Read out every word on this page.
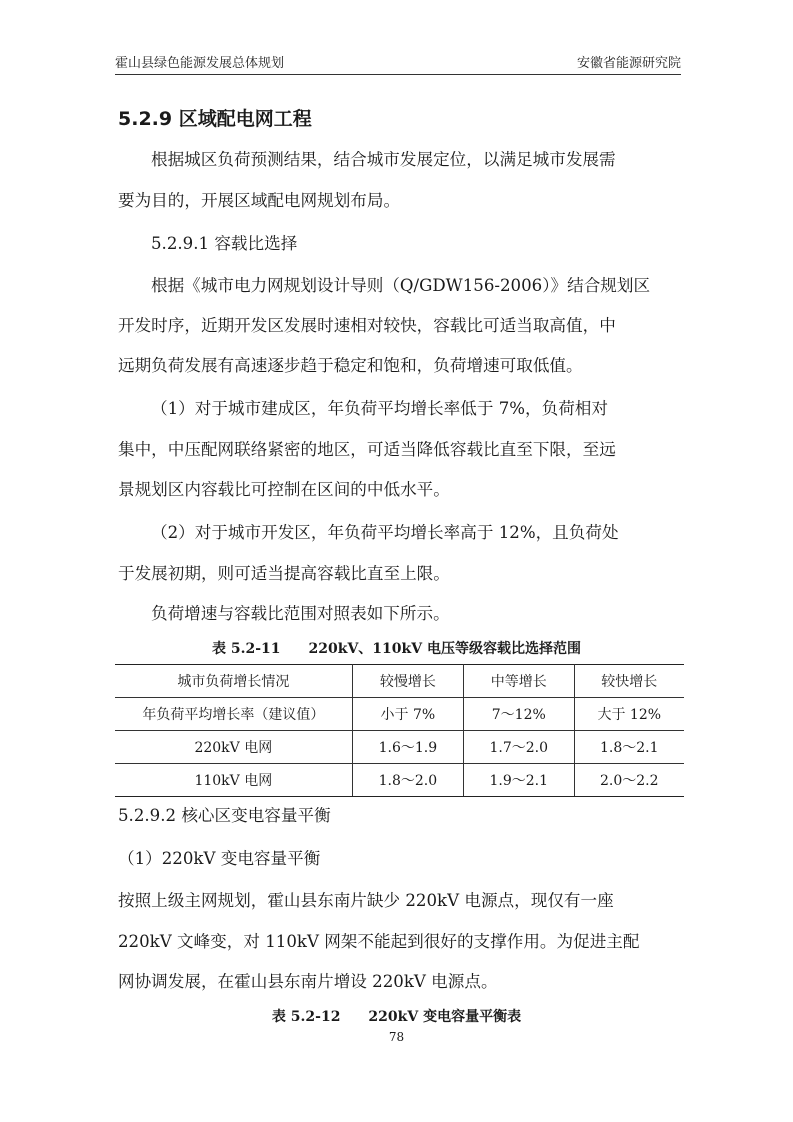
霍山县绿色能源发展总体规划	安徽省能源研究院
5.2.9 区域配电网工程
根据城区负荷预测结果，结合城市发展定位，以满足城市发展需
要为目的，开展区域配电网规划布局。
5.2.9.1 容载比选择
根据《城市电力网规划设计导则（Q/GDW156-2006）》结合规划区
开发时序，近期开发区发展时速相对较快，容载比可适当取高值，中
远期负荷发展有高速逐步趋于稳定和饱和，负荷增速可取低值。
（1）对于城市建成区，年负荷平均增长率低于 7%，负荷相对
集中，中压配网联络紧密的地区，可适当降低容载比直至下限，至远
景规划区内容载比可控制在区间的中低水平。
（2）对于城市开发区，年负荷平均增长率高于 12%，且负荷处
于发展初期，则可适当提高容载比直至上限。
负荷增速与容载比范围对照表如下所示。
表 5.2-11　　220kV、110kV 电压等级容载比选择范围
城市负荷增长情况	较慢增长	中等增长	较快增长
年负荷平均增长率（建议值）	小于 7%	7～12%	大于 12%
220kV 电网	1.6～1.9	1.7～2.0	1.8～2.1
110kV 电网	1.8～2.0	1.9～2.1	2.0～2.2
5.2.9.2 核心区变电容量平衡
（1）220kV 变电容量平衡
按照上级主网规划，霍山县东南片缺少 220kV 电源点，现仅有一座
220kV 文峰变，对 110kV 网架不能起到很好的支撑作用。为促进主配
网协调发展，在霍山县东南片增设 220kV 电源点。
表 5.2-12　　220kV 变电容量平衡表
78
